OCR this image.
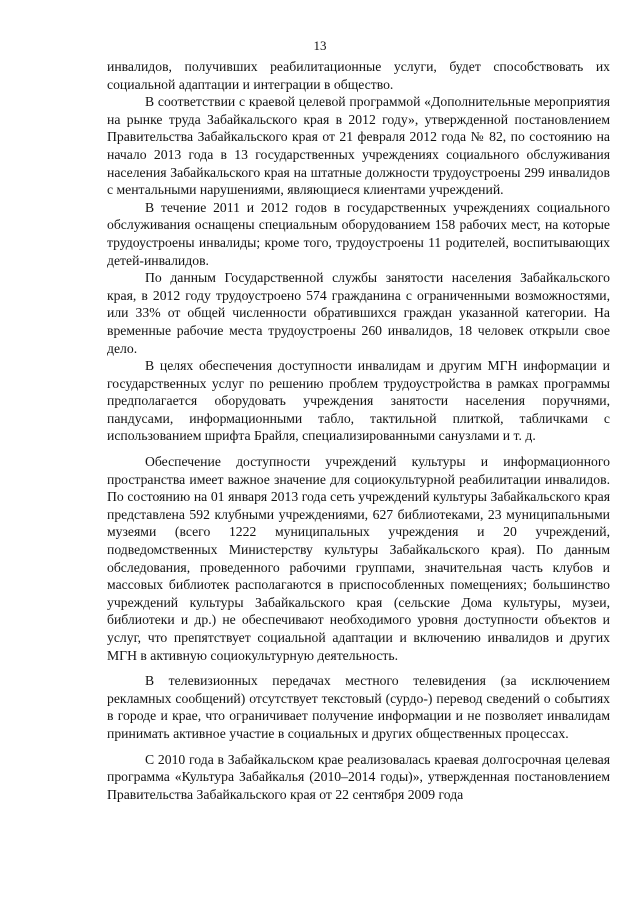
13

инвалидов, получивших реабилитационные услуги, будет способствовать их социальной адаптации и интеграции в общество.

В соответствии с краевой целевой программой «Дополнительные мероприятия на рынке труда Забайкальского края в 2012 году», утвержденной постановлением Правительства Забайкальского края от 21 февраля 2012 года № 82, по состоянию на начало 2013 года в 13 государственных учреждениях социального обслуживания населения Забайкальского края на штатные должности трудоустроены 299 инвалидов с ментальными нарушениями, являющиеся клиентами учреждений.

В течение 2011 и 2012 годов в государственных учреждениях социального обслуживания оснащены специальным оборудованием 158 рабочих мест, на которые трудоустроены инвалиды; кроме того, трудоустроены 11 родителей, воспитывающих детей-инвалидов.

По данным Государственной службы занятости населения Забайкальского края, в 2012 году трудоустроено 574 гражданина с ограниченными возможностями, или 33% от общей численности обратившихся граждан указанной категории. На временные рабочие места трудоустроены 260 инвалидов, 18 человек открыли свое дело.

В целях обеспечения доступности инвалидам и другим МГН информации и государственных услуг по решению проблем трудоустройства в рамках программы предполагается оборудовать учреждения занятости населения поручнями, пандусами, информационными табло, тактильной плиткой, табличками с использованием шрифта Брайля, специализированными санузлами и т. д.

Обеспечение доступности учреждений культуры и информационного пространства имеет важное значение для социокультурной реабилитации инвалидов. По состоянию на 01 января 2013 года сеть учреждений культуры Забайкальского края представлена 592 клубными учреждениями, 627 библиотеками, 23 муниципальными музеями (всего 1222 муниципальных учреждения и 20 учреждений, подведомственных Министерству культуры Забайкальского края). По данным обследования, проведенного рабочими группами, значительная часть клубов и массовых библиотек располагаются в приспособленных помещениях; большинство учреждений культуры Забайкальского края (сельские Дома культуры, музеи, библиотеки и др.) не обеспечивают необходимого уровня доступности объектов и услуг, что препятствует социальной адаптации и включению инвалидов и других МГН в активную социокультурную деятельность.

В телевизионных передачах местного телевидения (за исключением рекламных сообщений) отсутствует текстовый (сурдо-) перевод сведений о событиях в городе и крае, что ограничивает получение информации и не позволяет инвалидам принимать активное участие в социальных и других общественных процессах.

С 2010 года в Забайкальском крае реализовалась краевая долгосрочная целевая программа «Культура Забайкалья (2010–2014 годы)», утвержденная постановлением Правительства Забайкальского края от 22 сентября 2009 года
